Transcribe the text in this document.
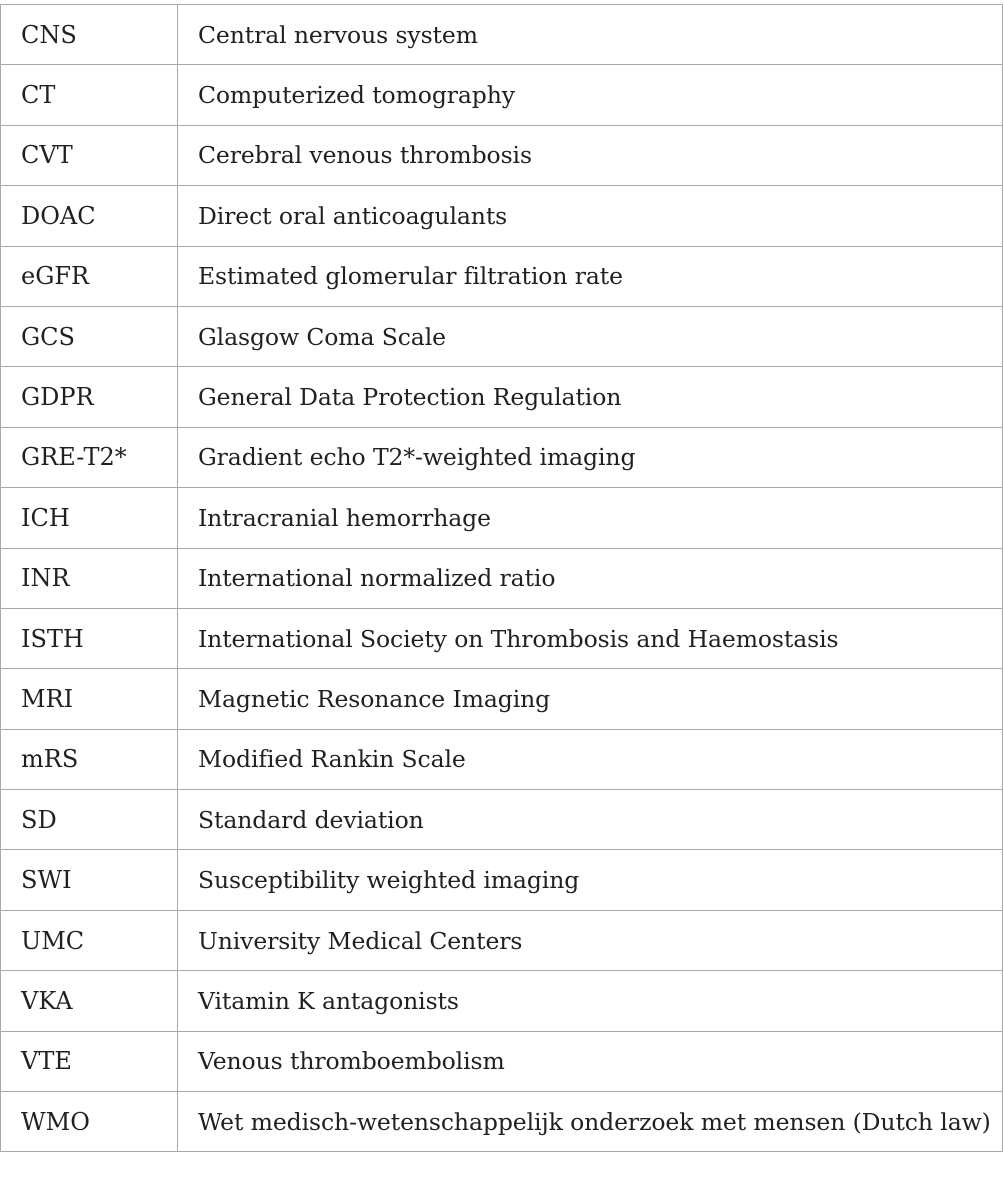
CNS	Central nervous system
CT	Computerized tomography
CVT	Cerebral venous thrombosis
DOAC	Direct oral anticoagulants
eGFR	Estimated glomerular filtration rate
GCS	Glasgow Coma Scale
GDPR	General Data Protection Regulation
GRE-T2*	Gradient echo T2*-weighted imaging
ICH	Intracranial hemorrhage
INR	International normalized ratio
ISTH	International Society on Thrombosis and Haemostasis
MRI	Magnetic Resonance Imaging
mRS	Modified Rankin Scale
SD	Standard deviation
SWI	Susceptibility weighted imaging
UMC	University Medical Centers
VKA	Vitamin K antagonists
VTE	Venous thromboembolism
WMO	Wet medisch-wetenschappelijk onderzoek met mensen (Dutch law)
